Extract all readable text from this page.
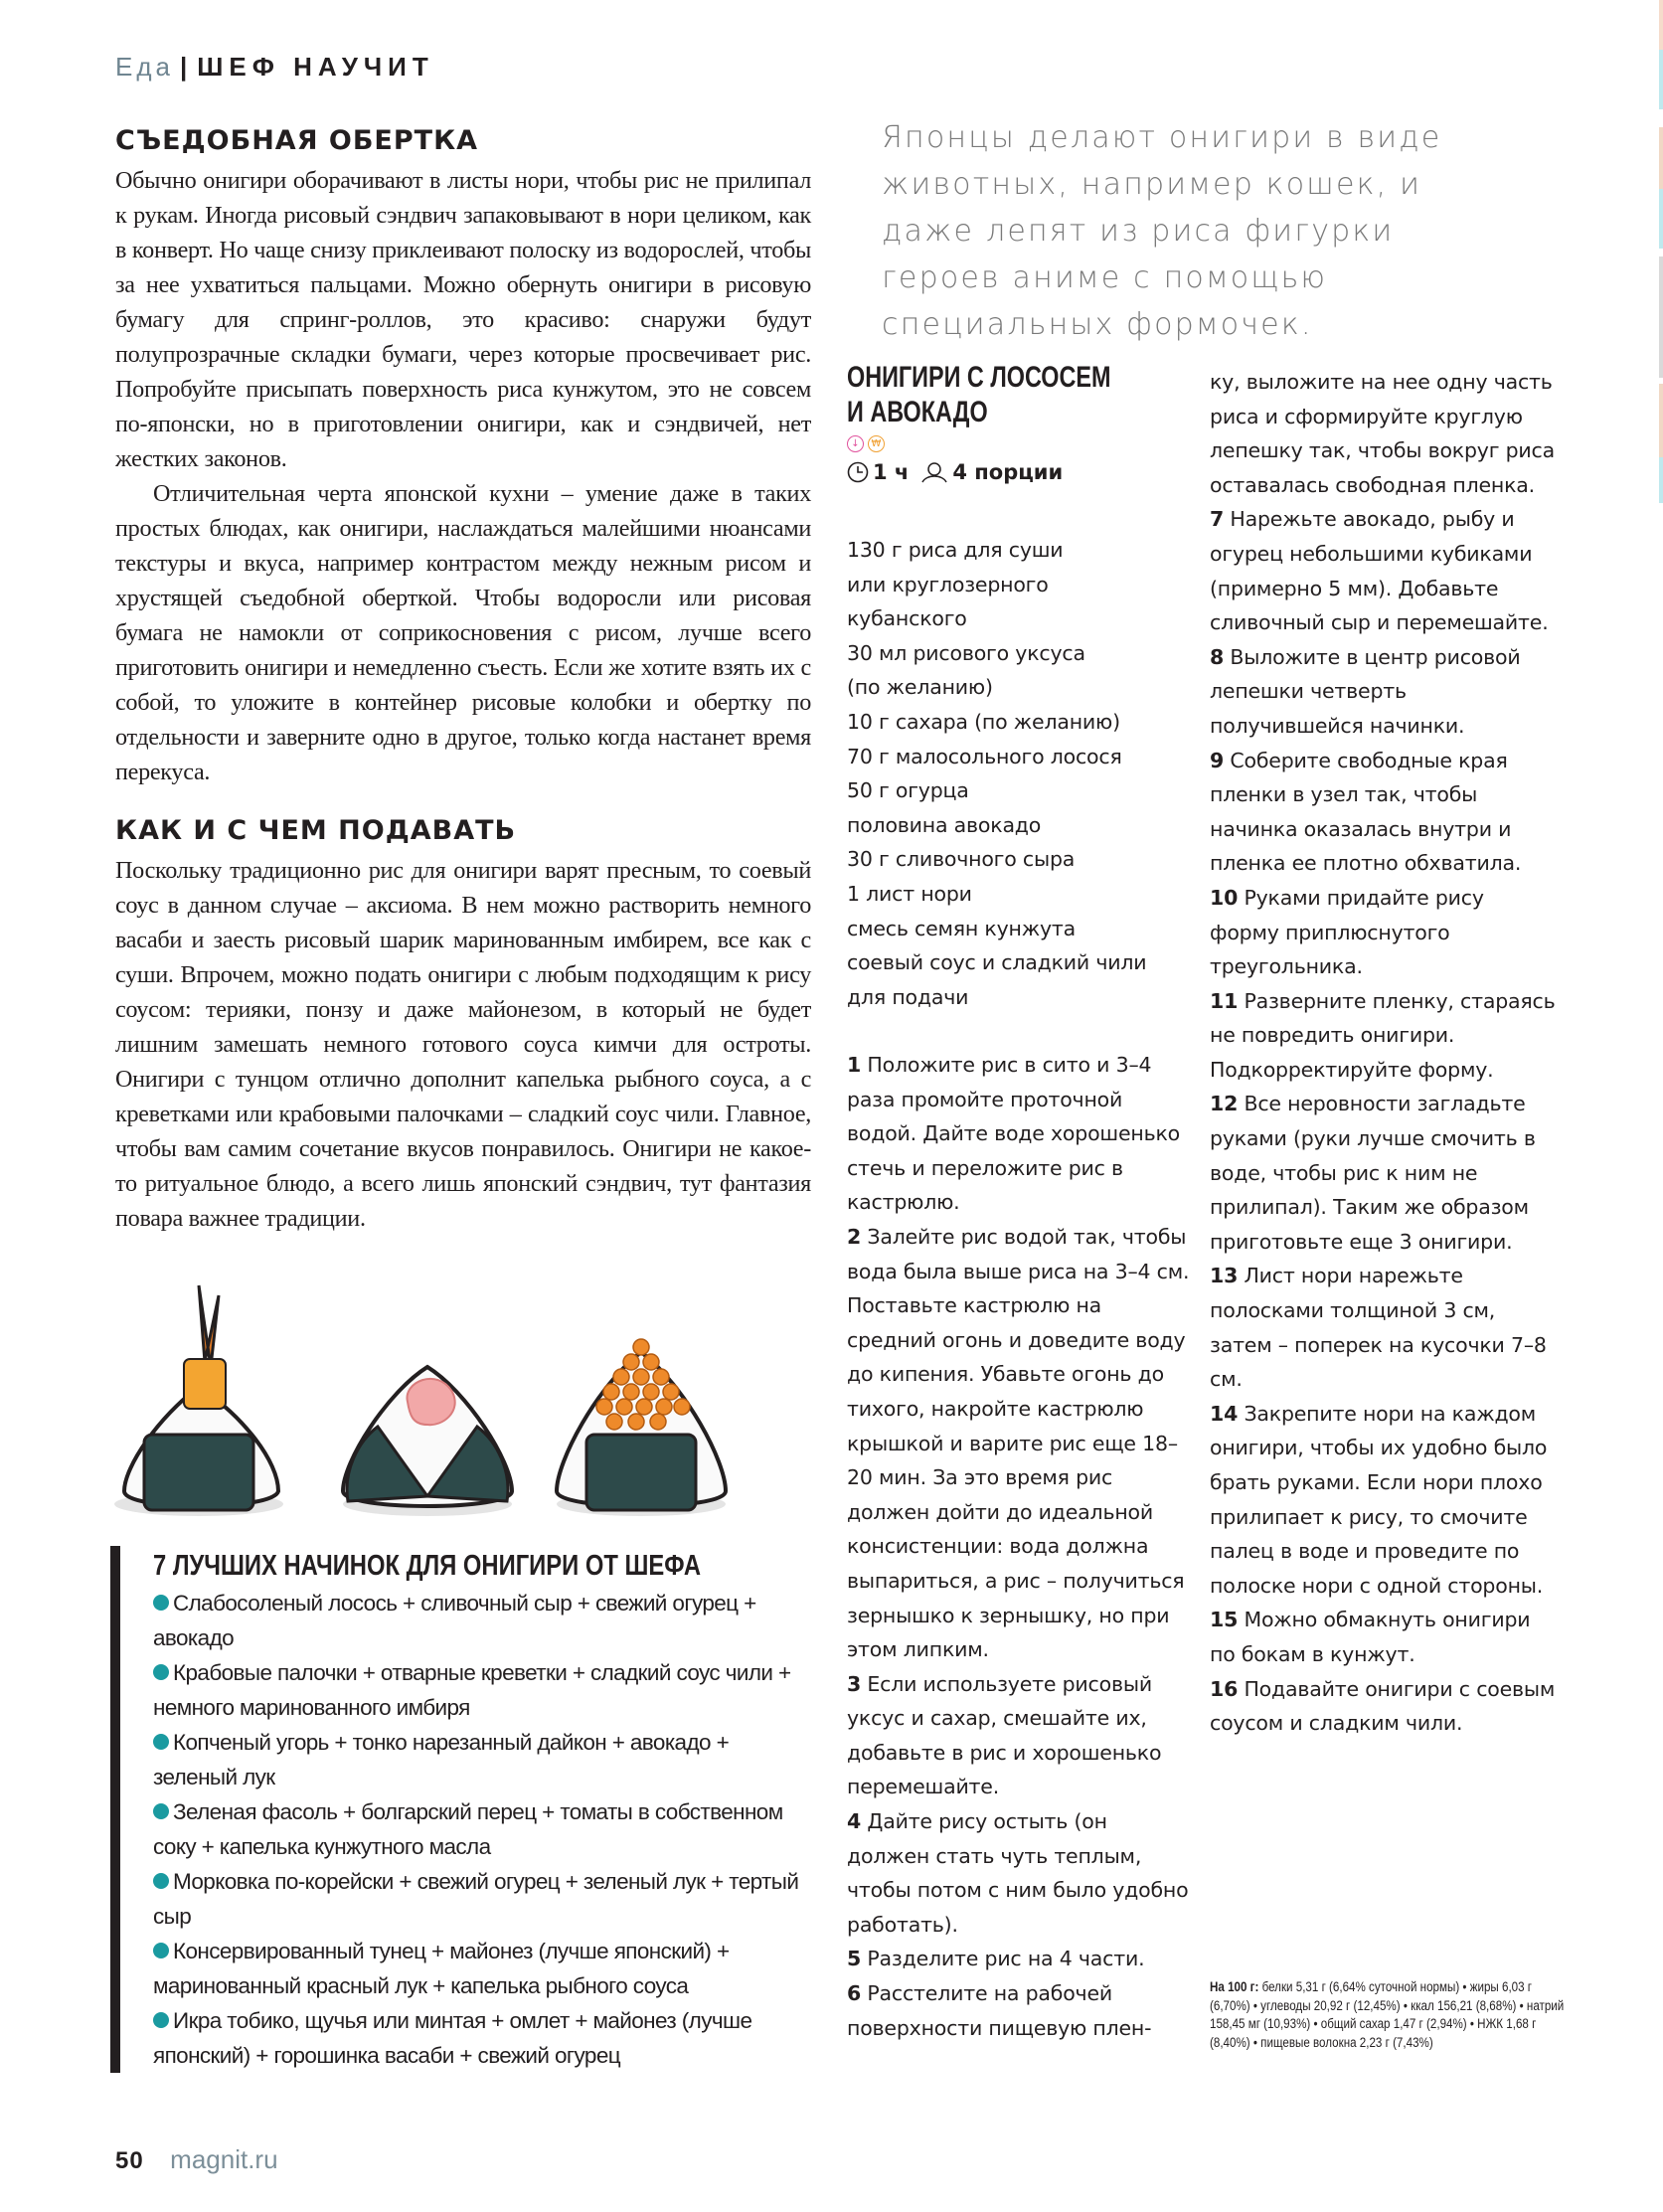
Еда | ШЕФ НАУЧИТ
СЪЕДОБНАЯ ОБЕРТКА

Обычно онигири оборачивают в листы нори, чтобы рис не прилипал к рукам. Иногда рисовый сэндвич запаковывают в нори целиком, как в конверт. Но чаще снизу приклеивают полоску из водорослей, чтобы за нее ухватиться пальцами. Можно обернуть онигири в рисовую бумагу для спринг-роллов, это красиво: снаружи будут полупрозрачные складки бумаги, через которые просвечивает рис. Попробуйте присыпать поверхность риса кунжутом, это не совсем по-японски, но в приготовлении онигири, как и сэндвичей, нет жестких законов.

Отличительная черта японской кухни – умение даже в таких простых блюдах, как онигири, наслаждаться малейшими нюансами текстуры и вкуса, например контрастом между нежным рисом и хрустящей съедобной оберткой. Чтобы водоросли или рисовая бумага не намокли от соприкосновения с рисом, лучше всего приготовить онигири и немедленно съесть. Если же хотите взять их с собой, то уложите в контейнер рисовые колобки и обертку по отдельности и заверните одно в другое, только когда настанет время перекуса.

КАК И С ЧЕМ ПОДАВАТЬ

Поскольку традиционно рис для онигири варят пресным, то соевый соус в данном случае – аксиома. В нем можно растворить немного васаби и заесть рисовый шарик маринованным имбирем, все как с суши. Впрочем, можно подать онигири с любым подходящим к рису соусом: терияки, понзу и даже майонезом, в который не будет лишним замешать немного готового соуса кимчи для остроты. Онигири с тунцом отлично дополнит капелька рыбного соуса, а с креветками или крабовыми палочками – сладкий соус чили. Главное, чтобы вам самим сочетание вкусов понравилось. Онигири не какое-то ритуальное блюдо, а всего лишь японский сэндвич, тут фантазия повара важнее традиции.

7 ЛУЧШИХ НАЧИНОК ДЛЯ ОНИГИРИ ОТ ШЕФА
Слабосоленый лосось + сливочный сыр + свежий огурец + авокадо
Крабовые палочки + отварные креветки + сладкий соус чили + немного маринованного имбиря
Копченый угорь + тонко нарезанный дайкон + авокадо + зеленый лук
Зеленая фасоль + болгарский перец + томаты в собственном соку + капелька кунжутного масла
Морковка по-корейски + свежий огурец + зеленый лук + тертый сыр
Консервированный тунец + майонез (лучше японский) + маринованный красный лук + капелька рыбного соуса
Икра тобико, щучья или минтая + омлет + майонез (лучше японский) + горошинка васаби + свежий огурец
50 magnit.ru
Японцы делают онигири в виде животных, например кошек, и даже лепят из риса фигурки героев аниме с помощью специальных формочек.
ОНИГИРИ С ЛОСОСЕМ
И АВОКАДО
↓	₩
1 ч 4 порции
130 г риса для суши
или круглозерного
кубанского
30 мл рисового уксуса
(по желанию)
10 г сахара (по желанию)
70 г малосольного лосося
50 г огурца
половина авокадо
30 г сливочного сыра
1 лист нори
смесь семян кунжута
соевый соус и сладкий чили
для подачи

1 Положите рис в сито и 3–4 раза промойте проточной водой. Дайте воде хорошенько стечь и переложите рис в кастрюлю.

2 Залейте рис водой так, чтобы вода была выше риса на 3–4 см. Поставьте кастрюлю на средний огонь и доведите воду до кипения. Убавьте огонь до тихого, накройте кастрюлю крышкой и варите рис еще 18–20 мин. За это время рис должен дойти до идеальной консистенции: вода должна выпариться, а рис – получиться зернышко к зернышку, но при этом липким.

3 Если используете рисовый уксус и сахар, смешайте их, добавьте в рис и хорошенько перемешайте.

4 Дайте рису остыть (он должен стать чуть теплым, чтобы потом с ним было удобно работать).

5 Разделите рис на 4 части.

6 Расстелите на рабочей поверхности пищевую плен-

ку, выложите на нее одну часть риса и сформируйте круглую лепешку так, чтобы вокруг риса оставалась свободная пленка.

7 Нарежьте авокадо, рыбу и огурец небольшими кубиками (примерно 5 мм). Добавьте сливочный сыр и перемешайте.

8 Выложите в центр рисовой лепешки четверть получившейся начинки.

9 Соберите свободные края пленки в узел так, чтобы начинка оказалась внутри и пленка ее плотно обхватила.

10 Руками придайте рису форму приплюснутого треугольника.

11 Разверните пленку, стараясь не повредить онигири. Подкорректируйте форму.

12 Все неровности загладьте руками (руки лучше смочить в воде, чтобы рис к ним не прилипал). Таким же образом приготовьте еще 3 онигири.

13 Лист нори нарежьте полосками толщиной 3 см, затем – поперек на кусочки 7–8 см.

14 Закрепите нори на каждом онигири, чтобы их удобно было брать руками. Если нори плохо прилипает к рису, то смочите палец в воде и проведите по полоске нори с одной стороны.

15 Можно обмакнуть онигири по бокам в кунжут.

16 Подавайте онигири с соевым соусом и сладким чили.

На 100 г: белки 5,31 г (6,64% суточной нормы) • жиры 6,03 г (6,70%) • углеводы 20,92 г (12,45%) • ккал 156,21 (8,68%) • натрий 158,45 мг (10,93%) • общий сахар 1,47 г (2,94%) • НЖК 1,68 г (8,40%) • пищевые волокна 2,23 г (7,43%)
